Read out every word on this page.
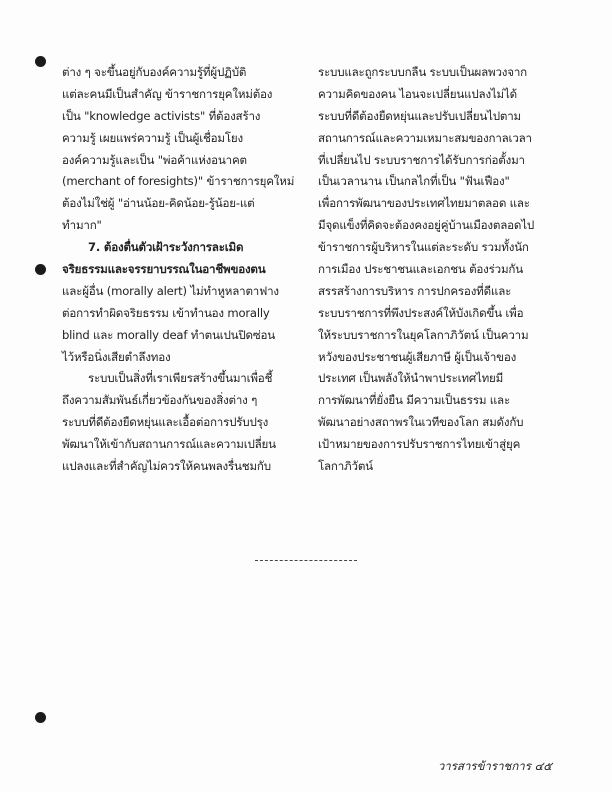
ต่าง ๆ จะขึ้นอยู่กับองค์ความรู้ที่ผู้ปฏิบัติ
แต่ละคนมีเป็นสำคัญ ข้าราชการยุคใหม่ต้อง
เป็น "knowledge activists" ที่ต้องสร้าง
ความรู้ เผยแพร่ความรู้ เป็นผู้เชื่อมโยง
องค์ความรู้และเป็น "พ่อค้าแห่งอนาคต
(merchant of foresights)" ข้าราชการยุคใหม่
ต้องไม่ใช่ผู้ "อ่านน้อย-คิดน้อย-รู้น้อย-แต่
ทำมาก"
7. ต้องตื่นตัวเฝ้าระวังการละเมิด
จริยธรรมและจรรยาบรรณในอาชีพของตน
และผู้อื่น (morally alert) ไม่ทำหูหลาตาฟาง
ต่อการทำผิดจริยธรรม เข้าทำนอง morally
blind และ morally deaf ทำตนเปนปิดซ่อน
ไว้หรือนิ่งเสียตำลึงทอง
ระบบเป็นสิ่งที่เราเพียรสร้างขึ้นมาเพื่อชี้
ถึงความสัมพันธ์เกี่ยวข้องกันของสิ่งต่าง ๆ
ระบบที่ดีต้องยืดหยุ่นและเอื้อต่อการปรับปรุง
พัฒนาให้เข้ากับสถานการณ์และความเปลี่ยน
แปลงและที่สำคัญไม่ควรให้คนพลงรื่นชมกับ
ระบบและถูกระบบกลืน ระบบเป็นผลพวงจาก
ความคิดของคน ไอนจะเปลี่ยนแปลงไม่ได้
ระบบที่ดีต้องยืดหยุ่นและปรับเปลี่ยนไปตาม
สถานการณ์และความเหมาะสมของกาลเวลา
ที่เปลี่ยนไป ระบบราชการได้รับการก่อตั้งมา
เป็นเวลานาน เป็นกลไกที่เป็น "ฟันเฟือง"
เพื่อการพัฒนาของประเทศไทยมาตลอด และ
มีจุดแข็งที่คิดจะต้องคงอยู่คู่บ้านเมืองตลอดไป
ข้าราชการผู้บริหารในแต่ละระดับ รวมทั้งนัก
การเมือง ประชาชนและเอกชน ต้องร่วมกัน
สรรสร้างการบริหาร การปกครองที่ดีและ
ระบบราชการที่พึงประสงค์ให้บังเกิดขึ้น เพื่อ
ให้ระบบราชการในยุคโลกาภิวัตน์ เป็นความ
หวังของประชาชนผู้เสียภาษี ผู้เป็นเจ้าของ
ประเทศ เป็นพลังให้นำพาประเทศไทยมี
การพัฒนาที่ยั่งยืน มีความเป็นธรรม และ
พัฒนาอย่างสถาพรในเวทีของโลก สมดังกับ
เป้าหมายของการปรับราชการไทยเข้าสู่ยุค
โลกาภิวัตน์
วารสารข้าราชการ ๔๕
